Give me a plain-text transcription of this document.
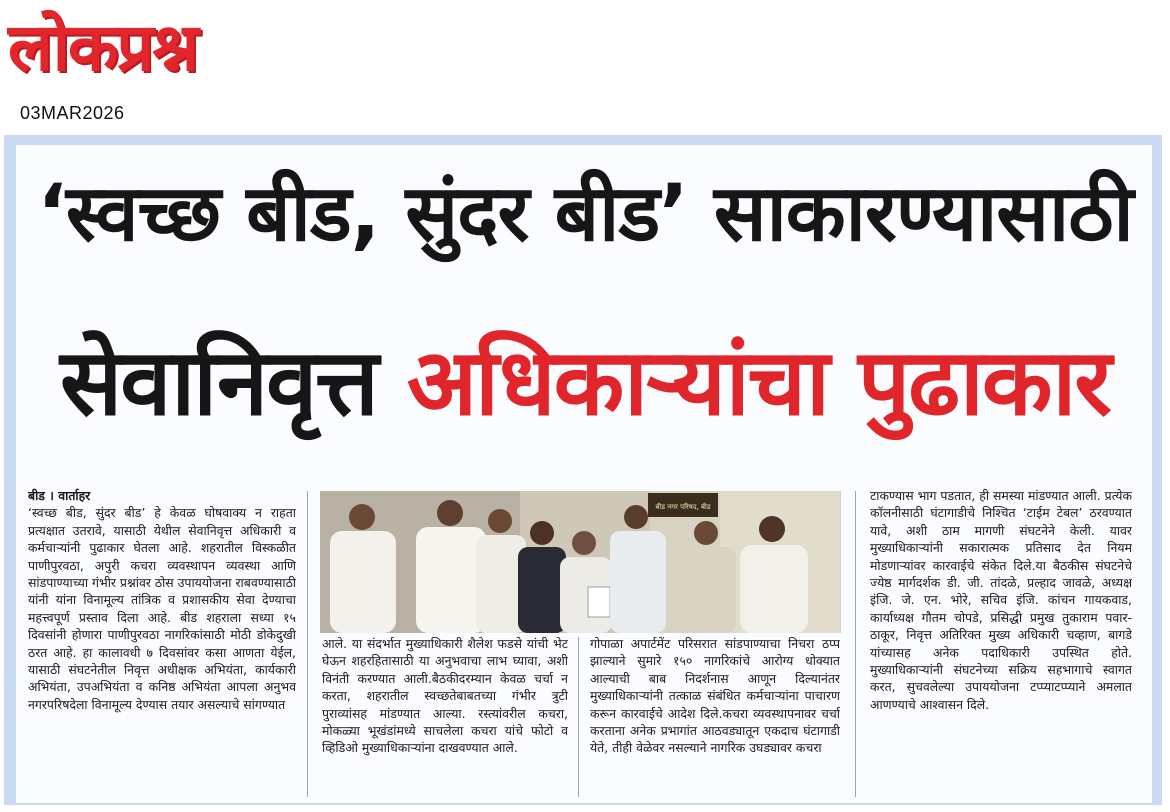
लोकप्रश्न
03MAR2026
‘स्वच्छ बीड, सुंदर बीड’ साकारण्यासाठी
सेवानिवृत्त अधिकाऱ्यांचा पुढाकार

बीड । वार्ताहर

‘स्वच्छ बीड, सुंदर बीड’ हे केवळ घोषवाक्य न राहता प्रत्यक्षात उतरावे, यासाठी येथील सेवानिवृत्त अधिकारी व कर्मचाऱ्यांनी पुढाकार घेतला आहे. शहरातील विस्कळीत पाणीपुरवठा, अपुरी कचरा व्यवस्थापन व्यवस्था आणि सांडपाण्याच्या गंभीर प्रश्नांवर ठोस उपाययोजना राबवण्यासाठी यांनी यांना विनामूल्य तांत्रिक व प्रशासकीय सेवा देण्याचा महत्त्वपूर्ण प्रस्ताव दिला आहे. बीड शहराला सध्या १५ दिवसांनी होणारा पाणीपुरवठा नागरिकांसाठी मोठी डोकेदुखी ठरत आहे. हा कालावधी ७ दिवसांवर कसा आणता येईल, यासाठी संघटनेतील निवृत्त अधीक्षक अभियंता, कार्यकारी अभियंता, उपअभियंता व कनिष्ठ अभियंता आपला अनुभव नगरपरिषदेला विनामूल्य देण्यास तयार असल्याचे सांगण्यात

बीड नगर परिषद, बीड

आले. या संदर्भात मुख्याधिकारी शैलेश फडसे यांची भेट घेऊन शहरहितासाठी या अनुभवाचा लाभ घ्यावा, अशी विनंती करण्यात आली.बैठकीदरम्यान केवळ चर्चा न करता, शहरातील स्वच्छतेबाबतच्या गंभीर त्रुटी पुराव्यांसह मांडण्यात आल्या. रस्त्यांवरील कचरा, मोकळ्या भूखंडांमध्ये साचलेला कचरा यांचे फोटो व व्हिडिओ मुख्याधिकाऱ्यांना दाखवण्यात आले.

गोपाळा अपार्टमेंट परिसरात सांडपाण्याचा निचरा ठप्प झाल्याने सुमारे १५० नागरिकांचे आरोग्य धोक्यात आल्याची बाब निदर्शनास आणून दिल्यानंतर मुख्याधिकाऱ्यांनी तत्काळ संबंधित कर्मचाऱ्यांना पाचारण करून कारवाईचे आदेश दिले.कचरा व्यवस्थापनावर चर्चा करताना अनेक प्रभागांत आठवड्यातून एकदाच घंटागाडी येते, तीही वेळेवर नसल्याने नागरिक उघड्यावर कचरा

टाकण्यास भाग पडतात, ही समस्या मांडण्यात आली. प्रत्येक कॉलनीसाठी घंटागाडीचे निश्चित ‘टाईम टेबल’ ठरवण्यात यावे, अशी ठाम मागणी संघटनेने केली. यावर मुख्याधिकाऱ्यांनी सकारात्मक प्रतिसाद देत नियम मोडणाऱ्यांवर कारवाईचे संकेत दिले.या बैठकीस संघटनेचे ज्येष्ठ मार्गदर्शक डी. जी. तांदळे, प्रल्हाद जावळे, अध्यक्ष इंजि. जे. एन. भोरे, सचिव इंजि. कांचन गायकवाड, कार्याध्यक्ष गौतम चोपडे, प्रसिद्धी प्रमुख तुकाराम पवार-ठाकूर, निवृत्त अतिरिक्त मुख्य अधिकारी चव्हाण, बागडे यांच्यासह अनेक पदाधिकारी उपस्थित होते. मुख्याधिकाऱ्यांनी संघटनेच्या सक्रिय सहभागाचे स्वागत करत, सुचवलेल्या उपाययोजना टप्प्याटप्प्याने अमलात आणण्याचे आश्वासन दिले.
